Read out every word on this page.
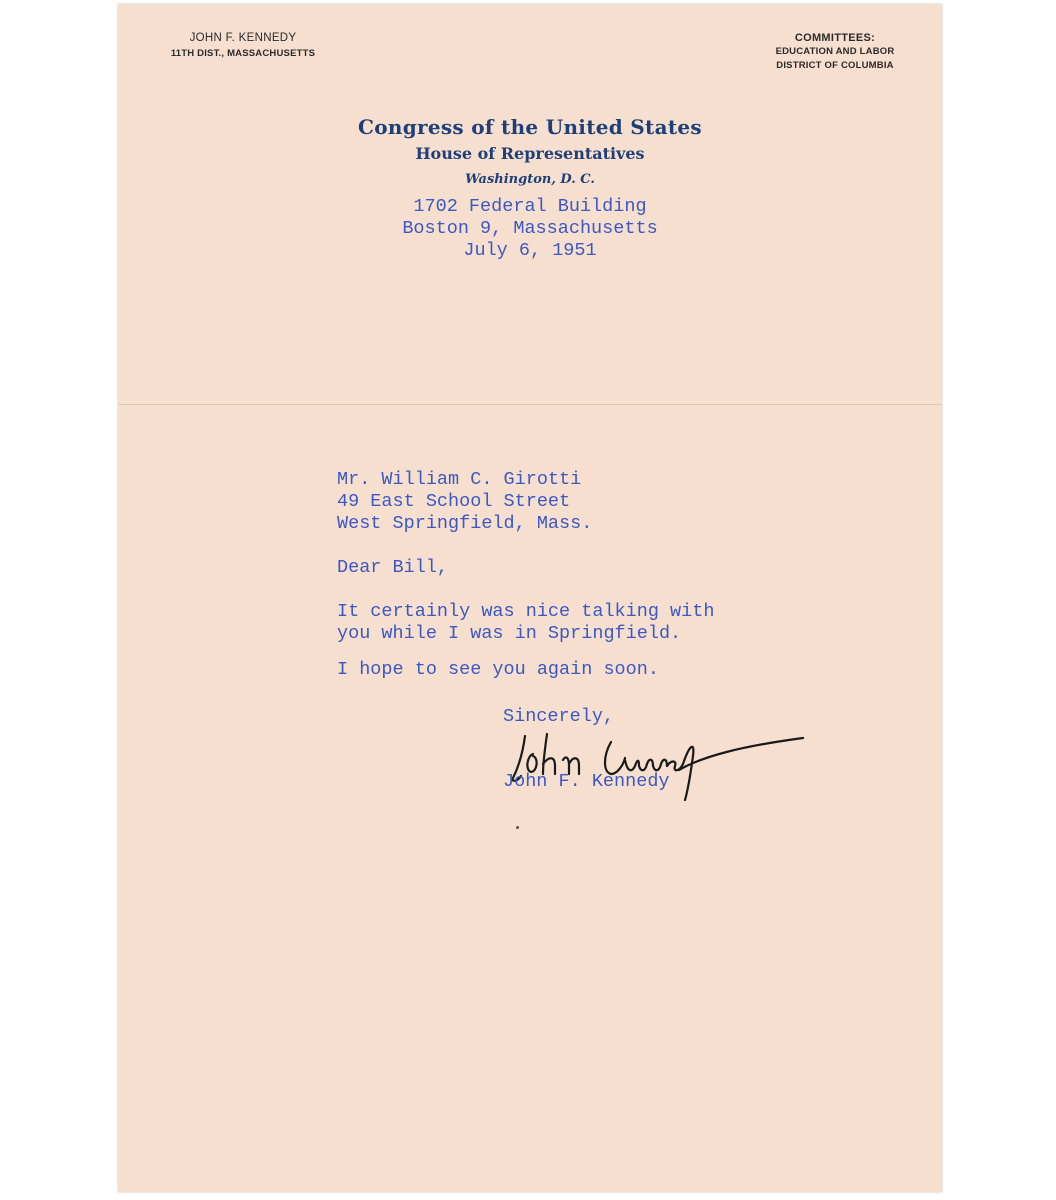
JOHN F. KENNEDY
11TH DIST., MASSACHUSETTS
COMMITTEES:
EDUCATION AND LABOR
DISTRICT OF COLUMBIA
Congress of the United States
House of Representatives
Washington, D. C.
1702 Federal Building
Boston 9, Massachusetts
July 6, 1951
Mr. William C. Girotti
49 East School Street
West Springfield, Mass.
Dear Bill,
It certainly was nice talking with
you while I was in Springfield.
I hope to see you again soon.
Sincerely,
John F. Kennedy
